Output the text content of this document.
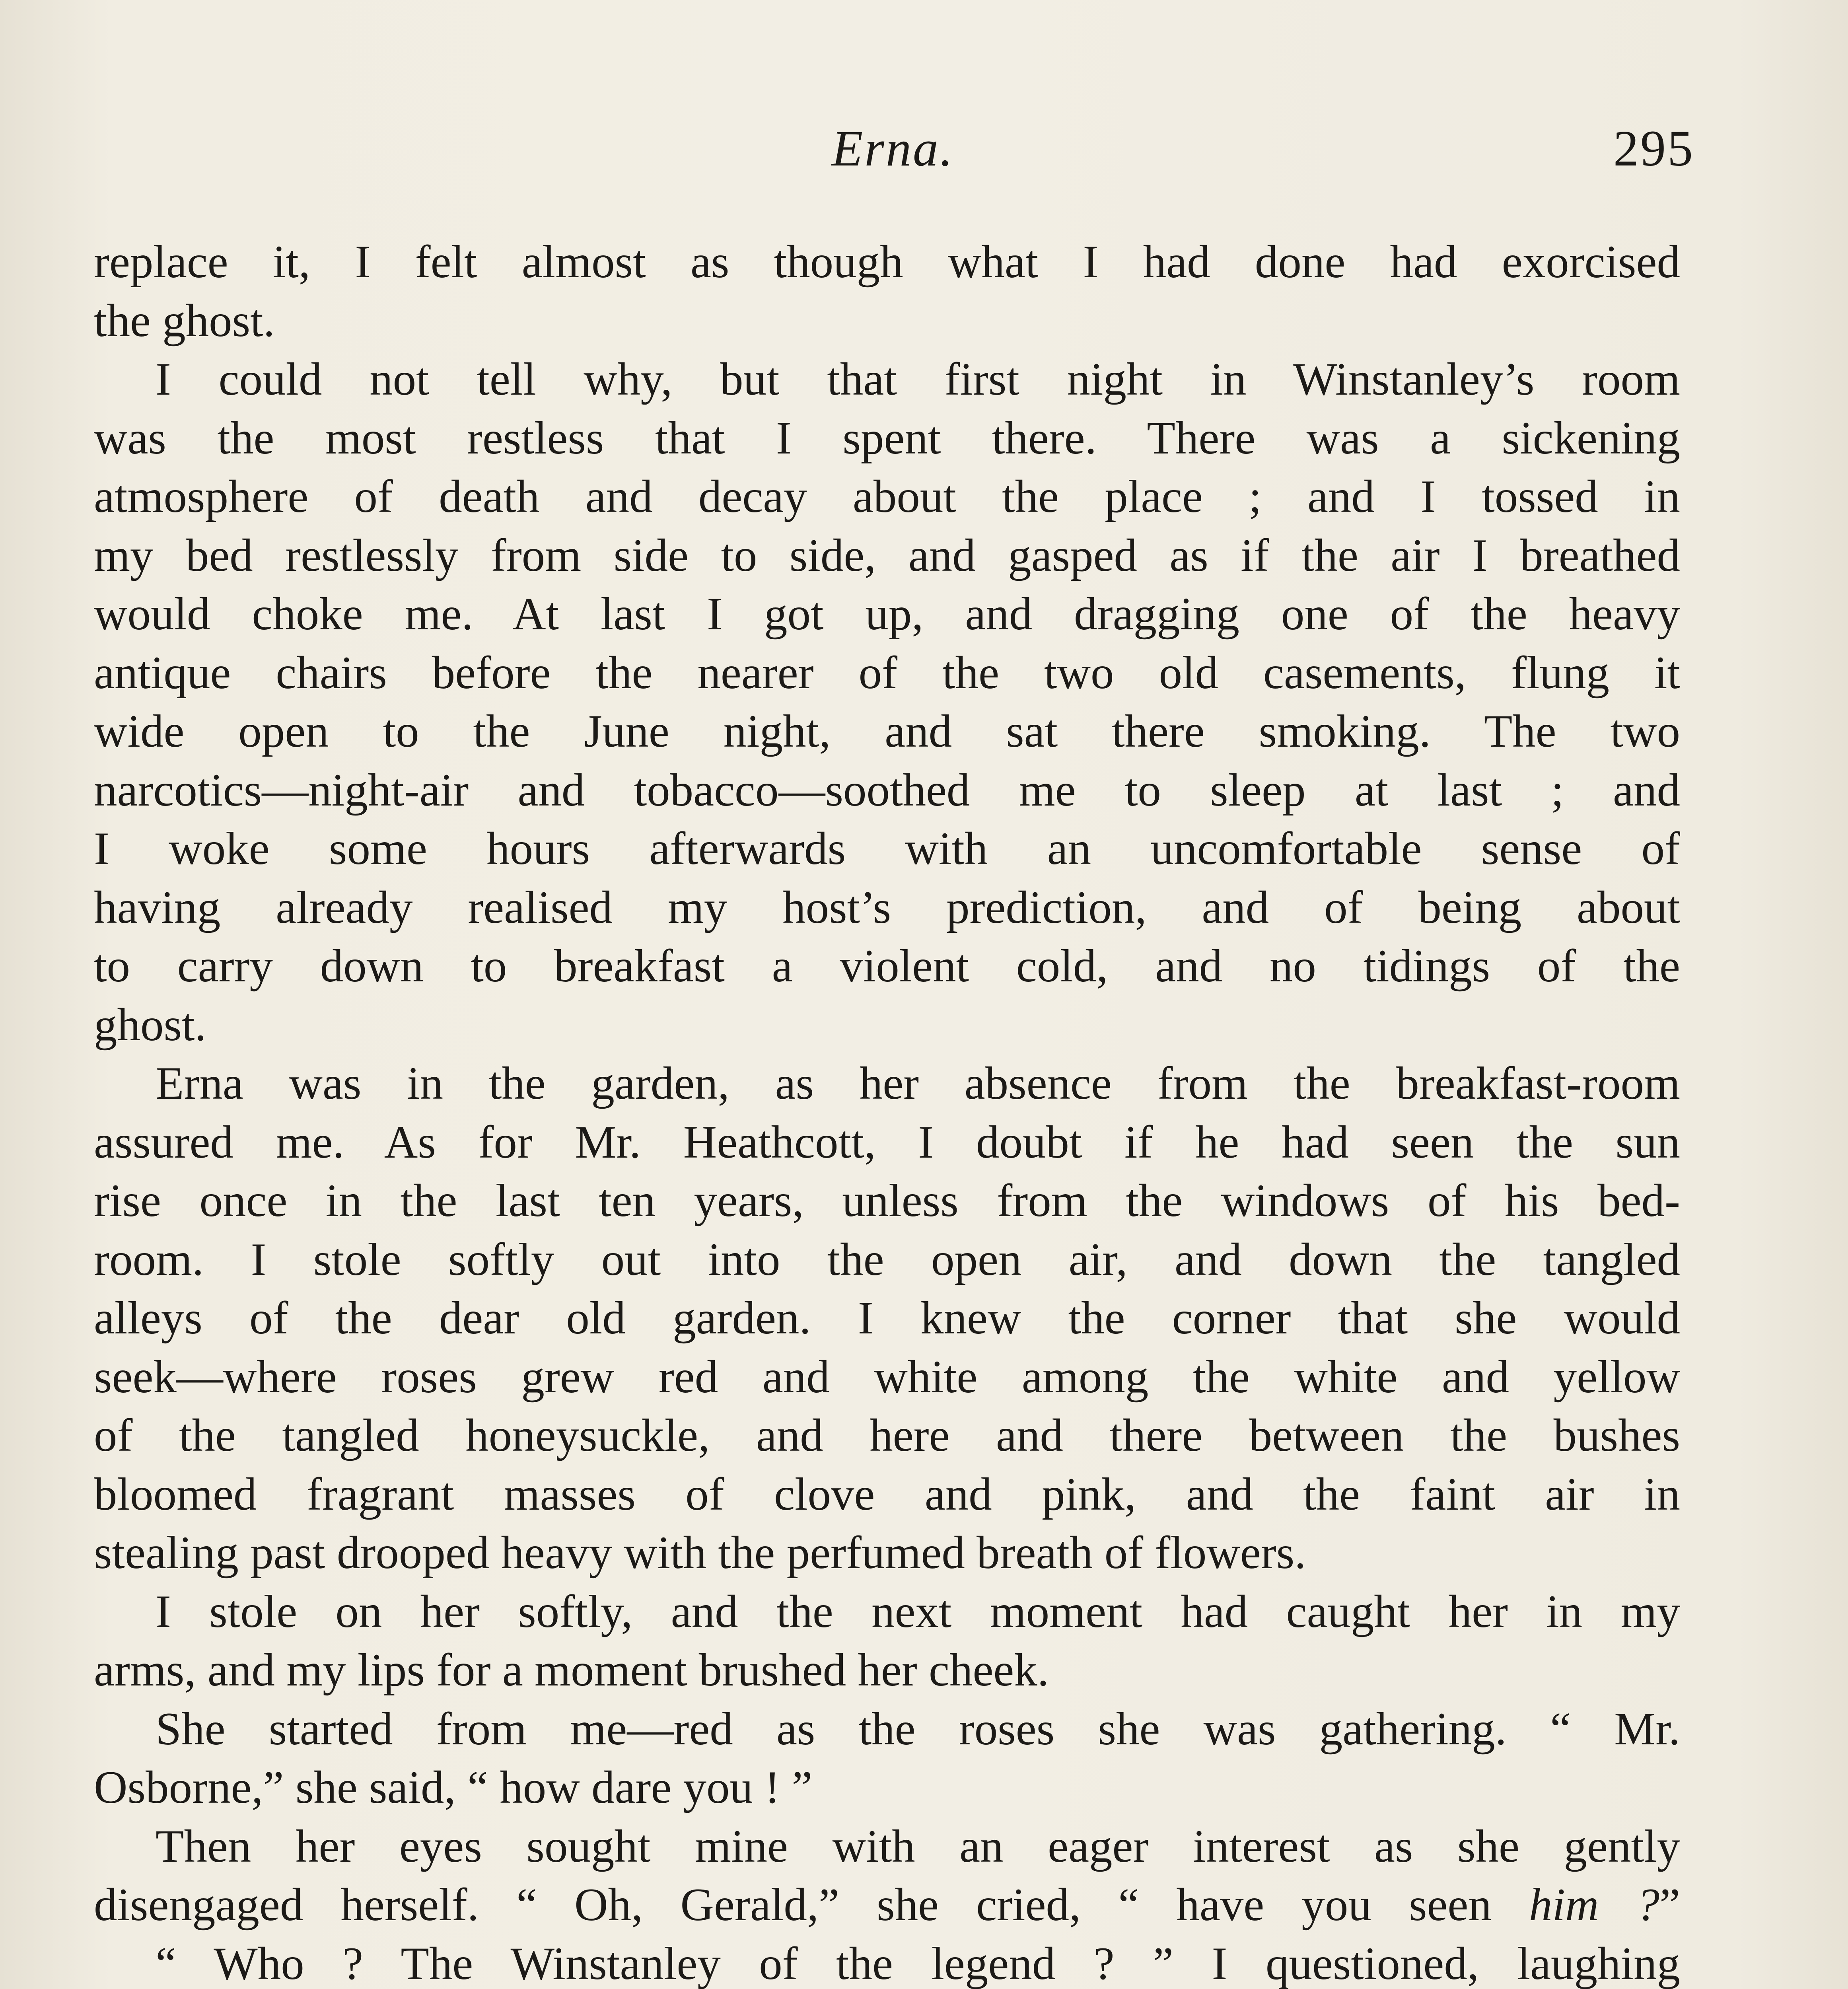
Erna.	295
replace it, I felt almost as though what I had done had exorcised
the ghost.
I could not tell why, but that first night in Winstanley’s room
was the most restless that I spent there. There was a sickening
atmosphere of death and decay about the place ; and I tossed in
my bed restlessly from side to side, and gasped as if the air I breathed
would choke me. At last I got up, and dragging one of the heavy
antique chairs before the nearer of the two old casements, flung it
wide open to the June night, and sat there smoking. The two
narcotics—night-air and tobacco—soothed me to sleep at last ; and
I woke some hours afterwards with an uncomfortable sense of
having already realised my host’s prediction, and of being about
to carry down to breakfast a violent cold, and no tidings of the
ghost.
Erna was in the garden, as her absence from the breakfast-room
assured me. As for Mr. Heathcott, I doubt if he had seen the sun
rise once in the last ten years, unless from the windows of his bed-
room. I stole softly out into the open air, and down the tangled
alleys of the dear old garden. I knew the corner that she would
seek—where roses grew red and white among the white and yellow
of the tangled honeysuckle, and here and there between the bushes
bloomed fragrant masses of clove and pink, and the faint air in
stealing past drooped heavy with the perfumed breath of flowers.
I stole on her softly, and the next moment had caught her in my
arms, and my lips for a moment brushed her cheek.
She started from me—red as the roses she was gathering. “ Mr.
Osborne,” she said, “ how dare you ! ”
Then her eyes sought mine with an eager interest as she gently
disengaged herself. “ Oh, Gerald,” she cried, “ have you seen him ?”
“ Who ? The Winstanley of the legend ? ” I questioned, laughing
